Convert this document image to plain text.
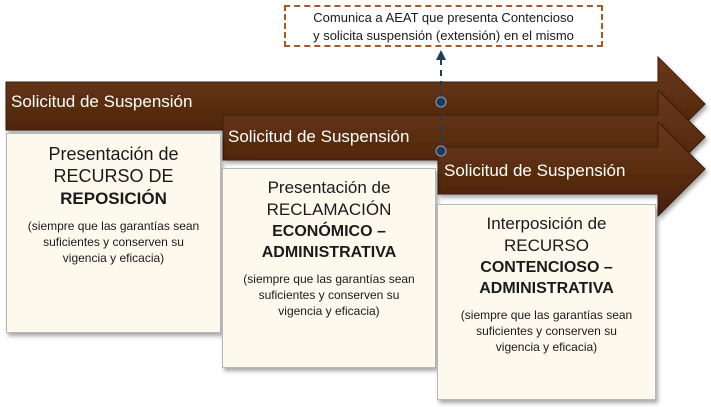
Solicitud de Suspensión
Solicitud de Suspensión
Solicitud de Suspensión
Comunica a AEAT que presenta Contencioso
y solicita suspensión (extensión) en el mismo
Presentación de
RECURSO DE
REPOSICIÓN
(siempre que las garantías sean
suficientes y conserven su
vigencia y eficacia)
Presentación de
RECLAMACIÓN
ECONÓMICO –
ADMINISTRATIVA
(siempre que las garantías sean
suficientes y conserven su
vigencia y eficacia)
Interposición de
RECURSO
CONTENCIOSO –
ADMINISTRATIVA
(siempre que las garantías sean
suficientes y conserven su
vigencia y eficacia)
